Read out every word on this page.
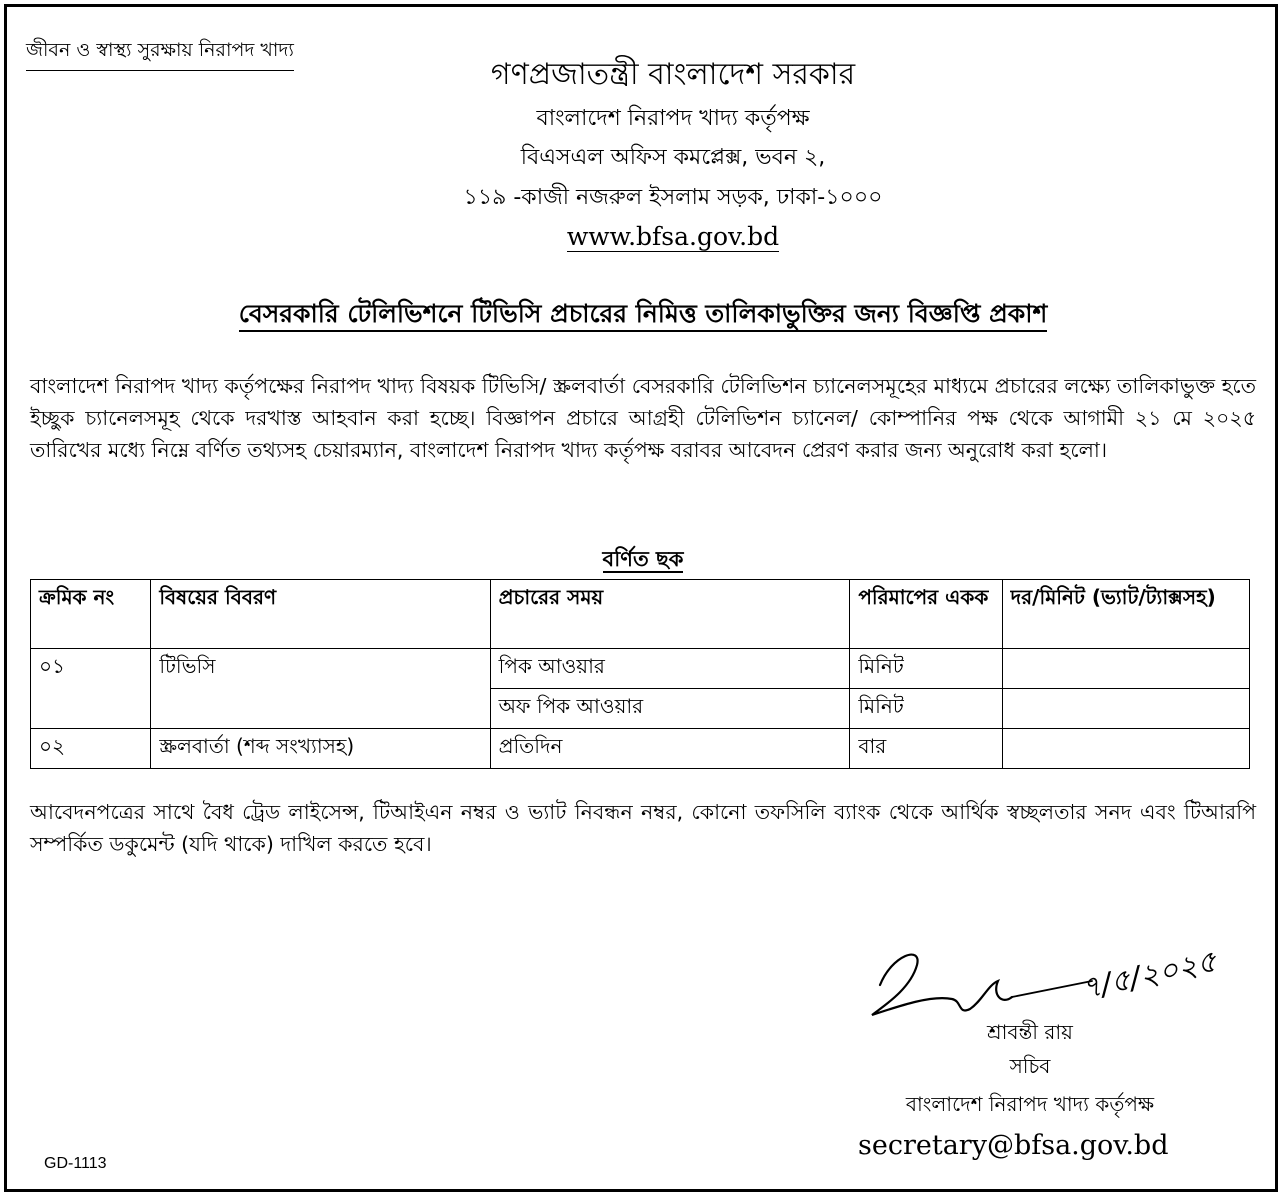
জীবন ও স্বাস্থ্য সুরক্ষায় নিরাপদ খাদ্য
গণপ্রজাতন্ত্রী বাংলাদেশ সরকার
বাংলাদেশ নিরাপদ খাদ্য কর্তৃপক্ষ
বিএসএল অফিস কমপ্লেক্স, ভবন ২,
১১৯ -কাজী নজরুল ইসলাম সড়ক, ঢাকা-১০০০
www.bfsa.gov.bd
বেসরকারি টেলিভিশনে টিভিসি প্রচারের নিমিত্ত তালিকাভুক্তির জন্য বিজ্ঞপ্তি প্রকাশ
বাংলাদেশ নিরাপদ খাদ্য কর্তৃপক্ষের নিরাপদ খাদ্য বিষয়ক টিভিসি/ স্ক্রলবার্তা বেসরকারি টেলিভিশন চ্যানেলসমূহের মাধ্যমে প্রচারের লক্ষ্যে তালিকাভুক্ত হতে ইচ্ছুক চ্যানেলসমূহ থেকে দরখাস্ত আহবান করা হচ্ছে। বিজ্ঞাপন প্রচারে আগ্রহী টেলিভিশন চ্যানেল/ কোম্পানির পক্ষ থেকে আগামী ২১ মে ২০২৫ তারিখের মধ্যে নিম্নে বর্ণিত তথ্যসহ চেয়ারম্যান, বাংলাদেশ নিরাপদ খাদ্য কর্তৃপক্ষ বরাবর আবেদন প্রেরণ করার জন্য অনুরোধ করা হলো।
বর্ণিত ছক
ক্রমিক নং	বিষয়ের বিবরণ	প্রচারের সময়	পরিমাপের একক	দর/মিনিট (ভ্যাট/ট্যাক্সসহ)
০১	টিভিসি	পিক আওয়ার	মিনিট	
		অফ পিক আওয়ার	মিনিট	
০২	স্ক্রলবার্তা (শব্দ সংখ্যাসহ)	প্রতিদিন	বার	
আবেদনপত্রের সাথে বৈধ ট্রেড লাইসেন্স, টিআইএন নম্বর ও ভ্যাট নিবন্ধন নম্বর, কোনো তফসিলি ব্যাংক থেকে আর্থিক স্বচ্ছলতার সনদ এবং টিআরপি সম্পর্কিত ডকুমেন্ট (যদি থাকে) দাখিল করতে হবে।
৭/৫/২০২৫
শ্রাবন্তী রায়
সচিব
বাংলাদেশ নিরাপদ খাদ্য কর্তৃপক্ষ
secretary@bfsa.gov.bd
GD-1113
